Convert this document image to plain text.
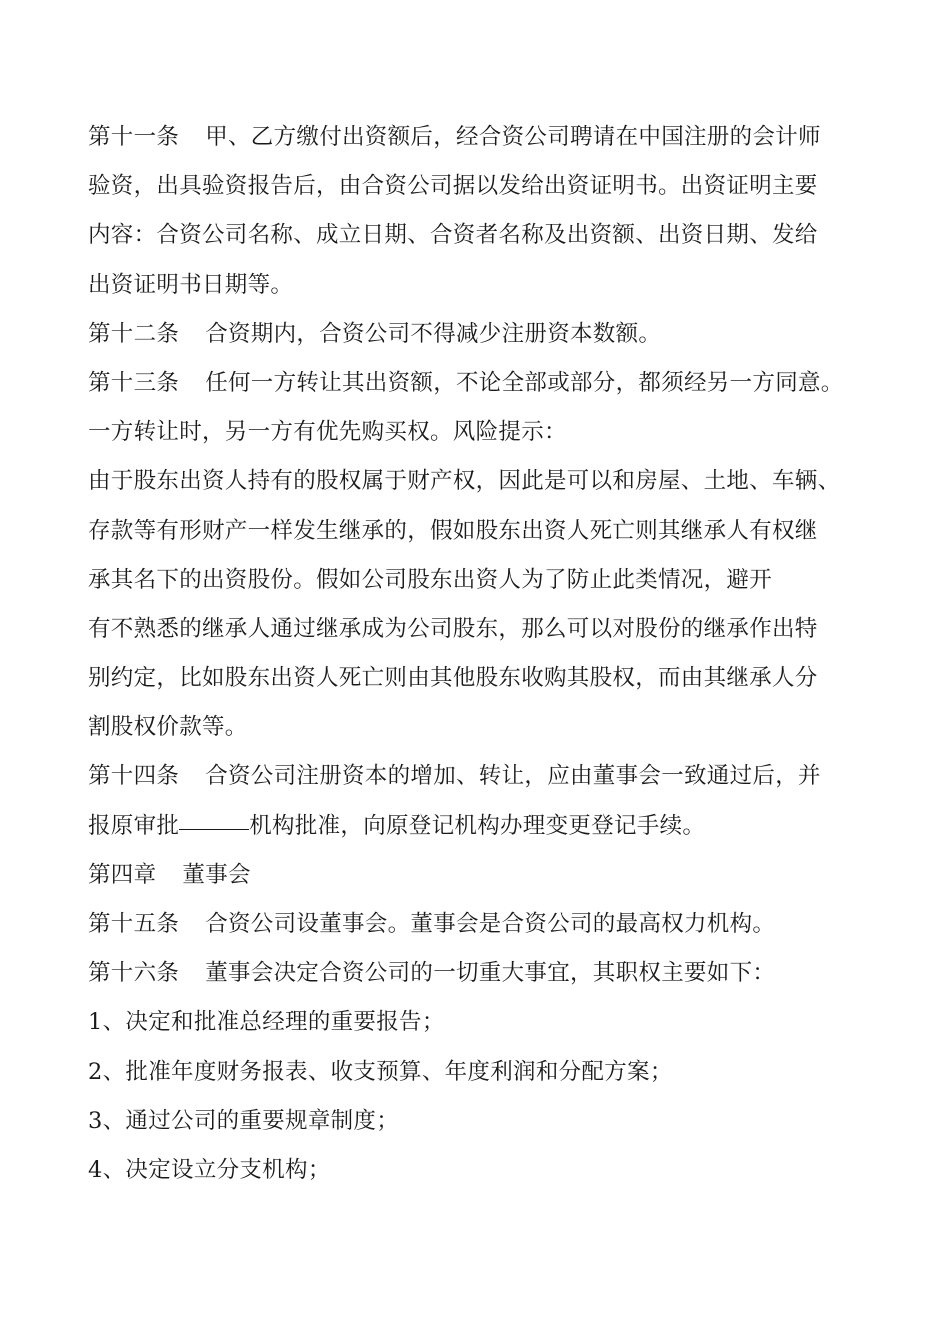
第十一条 甲、乙方缴付出资额后，经合资公司聘请在中国注册的会计师
验资，出具验资报告后，由合资公司据以发给出资证明书。出资证明主要
内容：合资公司名称、成立日期、合资者名称及出资额、出资日期、发给
出资证明书日期等。
第十二条 合资期内，合资公司不得减少注册资本数额。
第十三条 任何一方转让其出资额，不论全部或部分，都须经另一方同意。
一方转让时，另一方有优先购买权。风险提示：
由于股东出资人持有的股权属于财产权，因此是可以和房屋、土地、车辆、
存款等有形财产一样发生继承的，假如股东出资人死亡则其继承人有权继
承其名下的出资股份。假如公司股东出资人为了防止此类情况，避开
有不熟悉的继承人通过继承成为公司股东，那么可以对股份的继承作出特
别约定，比如股东出资人死亡则由其他股东收购其股权，而由其继承人分
割股权价款等。
第十四条 合资公司注册资本的增加、转让，应由董事会一致通过后，并
报原审批	机构批准，向原登记机构办理变更登记手续。
第四章 董事会
第十五条 合资公司设董事会。董事会是合资公司的最高权力机构。
第十六条 董事会决定合资公司的一切重大事宜，其职权主要如下：
1、决定和批准总经理的重要报告；
2、批准年度财务报表、收支预算、年度利润和分配方案；
3、通过公司的重要规章制度；
4、决定设立分支机构；
